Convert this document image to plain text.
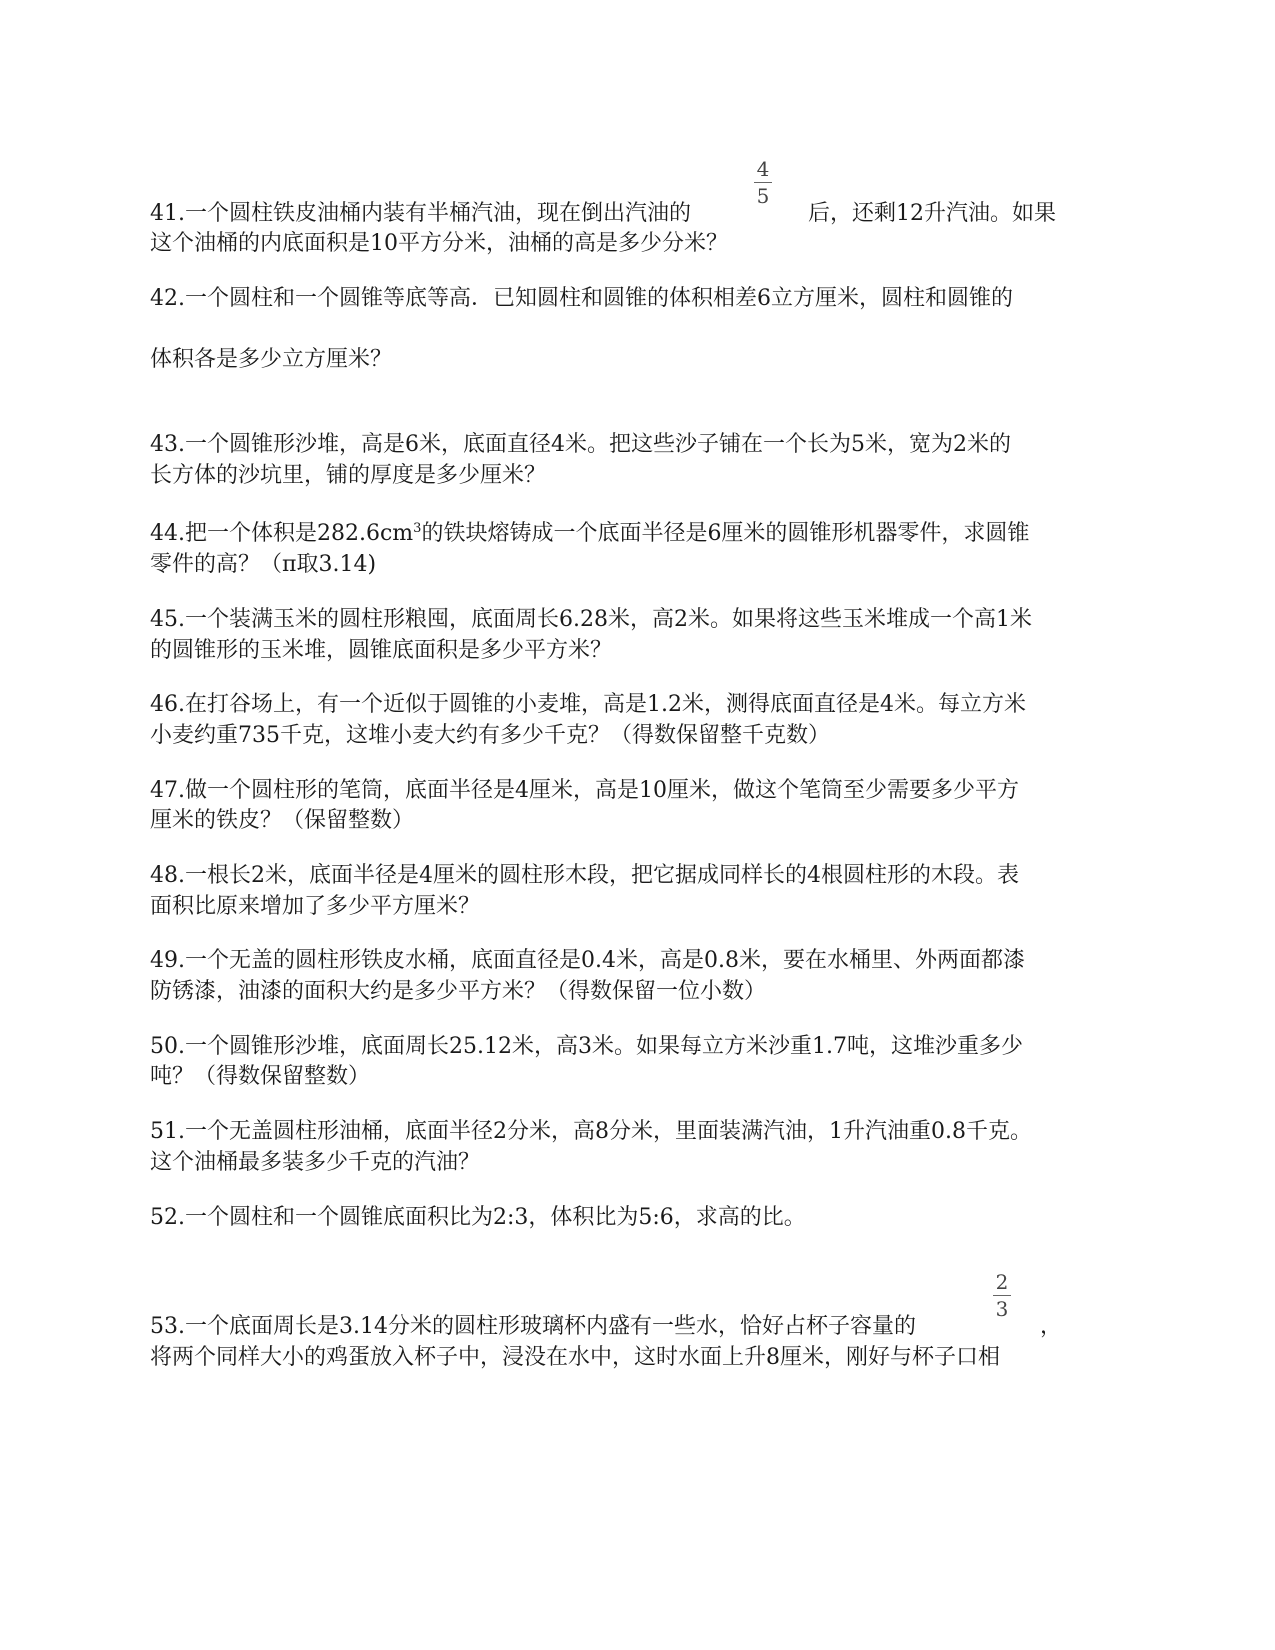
41.一个圆柱铁皮油桶内装有半桶汽油，现在倒出汽油的
4
5
后，还剩12升汽油。如果
这个油桶的内底面积是10平方分米，油桶的高是多少分米？
42.一个圆柱和一个圆锥等底等高．已知圆柱和圆锥的体积相差6立方厘米，圆柱和圆锥的
体积各是多少立方厘米？
43.一个圆锥形沙堆，高是6米，底面直径4米。把这些沙子铺在一个长为5米，宽为2米的
长方体的沙坑里，铺的厚度是多少厘米？
44.把一个体积是$282.6cm^3$的铁块熔铸成一个底面半径是6厘米的圆锥形机器零件，求圆锥
零件的高？（π取3.14)
45.一个装满玉米的圆柱形粮囤，底面周长6.28米，高2米。如果将这些玉米堆成一个高1米
的圆锥形的玉米堆，圆锥底面积是多少平方米？
46.在打谷场上，有一个近似于圆锥的小麦堆，高是1.2米，测得底面直径是4米。每立方米
小麦约重735千克，这堆小麦大约有多少千克？（得数保留整千克数）
47.做一个圆柱形的笔筒，底面半径是4厘米，高是10厘米，做这个笔筒至少需要多少平方
厘米的铁皮？（保留整数）
48.一根长2米，底面半径是4厘米的圆柱形木段，把它据成同样长的4根圆柱形的木段。表
面积比原来增加了多少平方厘米？
49.一个无盖的圆柱形铁皮水桶，底面直径是0.4米，高是0.8米，要在水桶里、外两面都漆
防锈漆，油漆的面积大约是多少平方米？（得数保留一位小数）
50.一个圆锥形沙堆，底面周长25.12米，高3米。如果每立方米沙重1.7吨，这堆沙重多少
吨？（得数保留整数）
51.一个无盖圆柱形油桶，底面半径2分米，高8分米，里面装满汽油，1升汽油重0.8千克。
这个油桶最多装多少千克的汽油？
52.一个圆柱和一个圆锥底面积比为2:3，体积比为5:6，求高的比。
53.一个底面周长是3.14分米的圆柱形玻璃杯内盛有一些水，恰好占杯子容量的
2
3
，
将两个同样大小的鸡蛋放入杯子中，浸没在水中，这时水面上升8厘米，刚好与杯子口相
